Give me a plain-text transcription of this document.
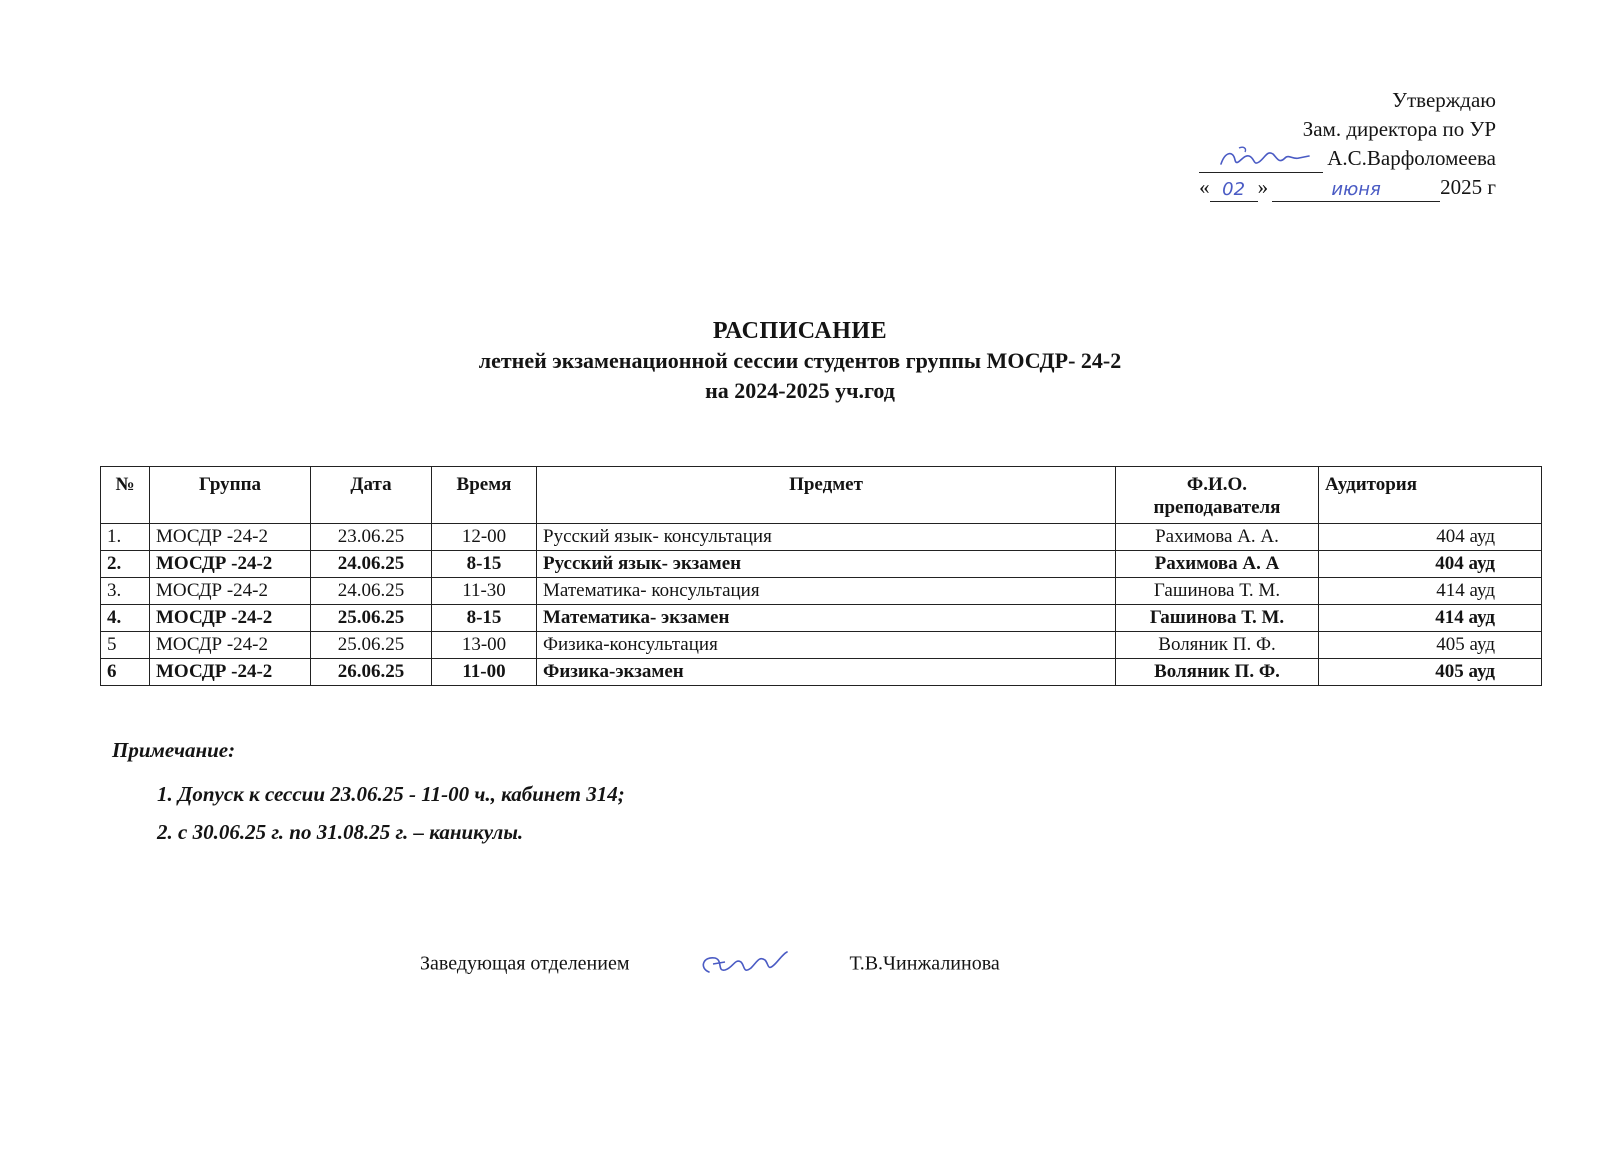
Утверждаю
Зам. директора по УР
А.С.Варфоломеева
« 02 »	июня	2025 г
РАСПИСАНИЕ
летней экзаменационной сессии студентов группы МОСДР- 24-2
на 2024-2025 уч.год
№	Группа	Дата	Время	Предмет	Ф.И.О.
преподавателя	Аудитория
1.	МОСДР -24-2	23.06.25	12-00	Русский язык- консультация	Рахимова А. А.	404 ауд
2.	МОСДР -24-2	24.06.25	8-15	Русский язык- экзамен	Рахимова А. А	404 ауд
3.	МОСДР -24-2	24.06.25	11-30	Математика- консультация	Гашинова Т. М.	414 ауд
4.	МОСДР -24-2	25.06.25	8-15	Математика- экзамен	Гашинова Т. М.	414 ауд
5	МОСДР -24-2	25.06.25	13-00	Физика-консультация	Воляник П. Ф.	405 ауд
6	МОСДР -24-2	26.06.25	11-00	Физика-экзамен	Воляник П. Ф.	405 ауд
Примечание:
1. Допуск к сессии 23.06.25 - 11-00 ч., кабинет 314;
2. с 30.06.25 г. по 31.08.25 г. – каникулы.
Заведующая отделением	Т.В.Чинжалинова
